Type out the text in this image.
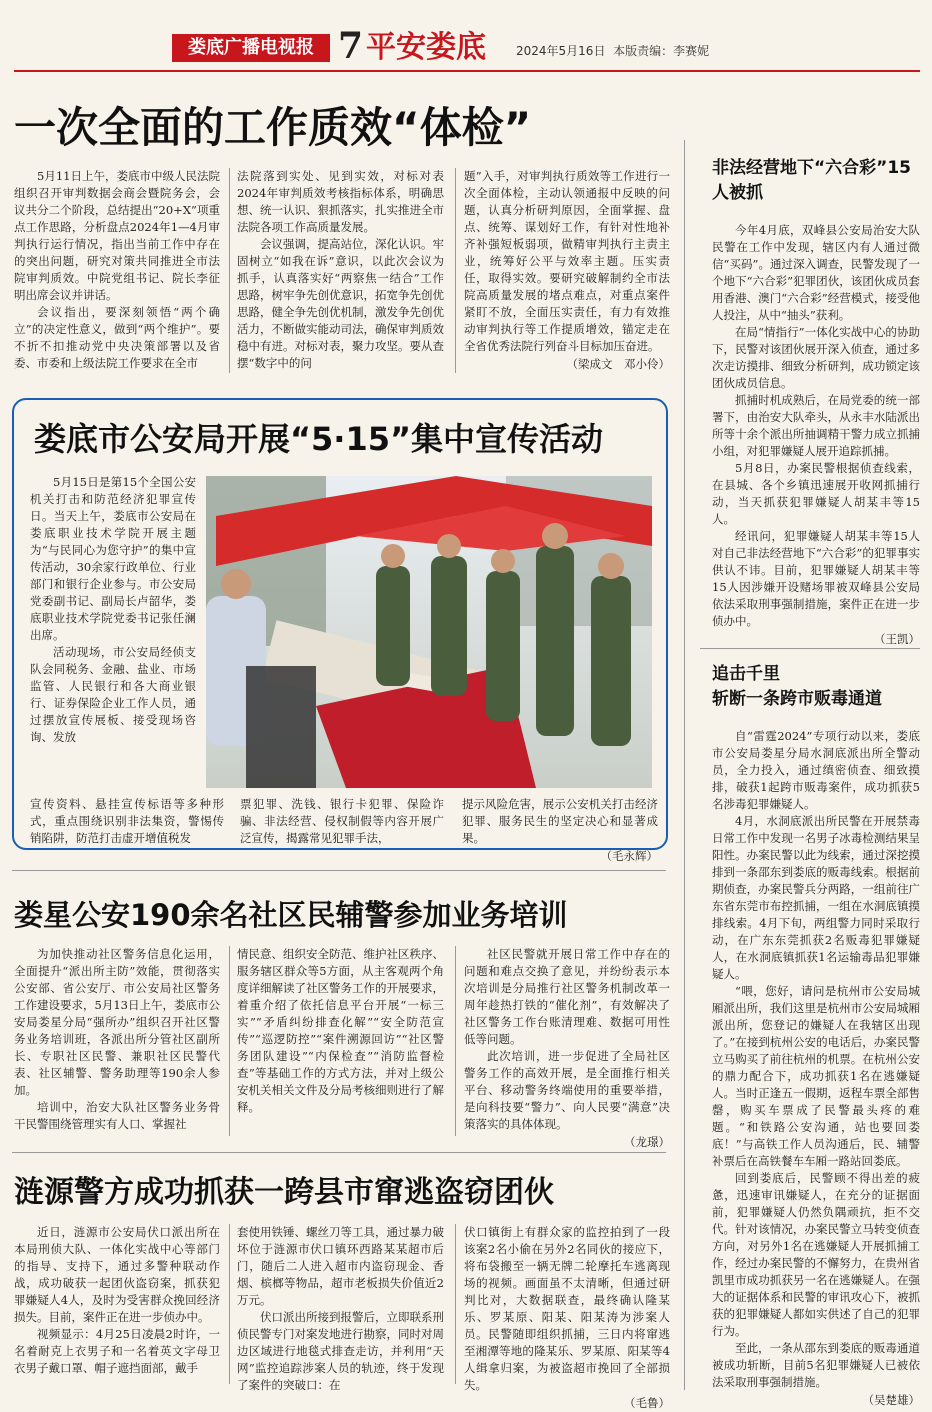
娄底广播电视报 7 平安娄底	2024年5月16日 本版责编：李赛妮
一次全面的工作质效“体检”

5月11日上午，娄底市中级人民法院组织召开审判数据会商会暨院务会，会议共分二个阶段，总结提出“20+X”项重点工作思路，分析盘点2024年1—4月审判执行运行情况，指出当前工作中存在的突出问题，研究对策共同推进全市法院审判质效。中院党组书记、院长李征明出席会议并讲话。

会议指出，要深刻领悟“两个确立”的决定性意义，做到“两个维护”。要不折不扣推动党中央决策部署以及省委、市委和上级法院工作要求在全市

法院落到实处、见到实效，对标对表2024年审判质效考核指标体系，明确思想、统一认识、狠抓落实，扎实推进全市法院各项工作高质量发展。

会议强调，提高站位，深化认识。牢固树立“如我在诉”意识，以此次会议为抓手，认真落实好“两察焦一结合”工作思路，树牢争先创优意识，拓宽争先创优思路，健全争先创优机制，激发争先创优活力，不断做实能动司法，确保审判质效稳中有进。对标对表，聚力攻坚。要从查摆“数字中的问

题”入手，对审判执行质效等工作进行一次全面体检，主动认领通报中反映的问题，认真分析研判原因，全面掌握、盘点、统筹、谋划好工作，有针对性地补齐补强短板弱项，做精审判执行主责主业，统筹好公平与效率主题。压实责任，取得实效。要研究破解制约全市法院高质量发展的堵点难点，对重点案件紧盯不放，全面压实责任，有力有效推动审判执行等工作提质增效，锚定走在全省优秀法院行列奋斗目标加压奋进。

（梁成文　邓小伶）
娄底市公安局开展“5·15”集中宣传活动

5月15日是第15个全国公安机关打击和防范经济犯罪宣传日。当天上午，娄底市公安局在娄底职业技术学院开展主题为“与民同心为您守护”的集中宣传活动，30余家行政单位、行业部门和银行企业参与。市公安局党委副书记、副局长卢韶华，娄底职业技术学院党委书记张任澜出席。

活动现场，市公安局经侦支队会同税务、金融、盐业、市场监管、人民银行和各大商业银行、证券保险企业工作人员，通过摆放宣传展板、接受现场咨询、发放

宣传资料、悬挂宣传标语等多种形式，重点围绕识别非法集资，警惕传销陷阱，防范打击虚开增值税发
票犯罪、洗钱、银行卡犯罪、保险诈骗、非法经营、侵权制假等内容开展广泛宣传，揭露常见犯罪手法，
提示风险危害，展示公安机关打击经济犯罪、服务民生的坚定决心和显著成果。
（毛永辉）
娄星公安190余名社区民辅警参加业务培训

为加快推动社区警务信息化运用，全面提升“派出所主防”效能，贯彻落实公安部、省公安厅、市公安局社区警务工作建设要求，5月13日上午，娄底市公安局娄星分局“强所办”组织召开社区警务业务培训班，各派出所分管社区副所长、专职社区民警、兼职社区民警代表、社区辅警、警务助理等190余人参加。

培训中，治安大队社区警务业务骨干民警围绕管理实有人口、掌握社

情民意、组织安全防范、维护社区秩序、服务辖区群众等5方面，从主客观两个角度详细解读了社区警务工作的开展要求，着重介绍了依托信息平台开展“一标三实”“矛盾纠纷排查化解”“安全防范宣传”“巡逻防控”“案件溯源回访”“社区警务团队建设”“内保检查”“消防监督检查”等基础工作的方式方法，并对上级公安机关相关文件及分局考核细则进行了解释。

社区民警就开展日常工作中存在的问题和难点交换了意见，并纷纷表示本次培训是分局推行社区警务机制改革一周年趁热打铁的“催化剂”，有效解决了社区警务工作台账清理难、数据可用性低等问题。

此次培训，进一步促进了全局社区警务工作的高效开展，是全面推行相关平台、移动警务终端使用的重要举措，是向科技要“警力”、向人民要“满意”决策落实的具体体现。

（龙璟）
涟源警方成功抓获一跨县市窜逃盗窃团伙

近日，涟源市公安局伏口派出所在本局刑侦大队、一体化实战中心等部门的指导、支持下，通过多警种联动作战，成功破获一起团伙盗窃案，抓获犯罪嫌疑人4人，及时为受害群众挽回经济损失。目前，案件正在进一步侦办中。

视频显示：4月25日凌晨2时许，一名着耐克上衣男子和一名着英文字母卫衣男子戴口罩、帽子遮挡面部，戴手

套使用铁锤、螺丝刀等工具，通过暴力破坏位于涟源市伏口镇环西路某某超市后门，随后二人进入超市内盗窃现金、香烟、槟榔等物品，超市老板损失价值近2万元。

伏口派出所接到报警后，立即联系刑侦民警专门对案发地进行勘察，同时对周边区域进行地毯式排查走访，并利用“天网”监控追踪涉案人员的轨迹，终于发现了案件的突破口：在

伏口镇街上有群众家的监控拍到了一段该案2名小偷在另外2名同伙的接应下，将布袋搬至一辆无牌二轮摩托车逃离现场的视频。画面虽不太清晰，但通过研判比对，大数据联查，最终确认隆某乐、罗某原、阳某、阳某涛为涉案人员。民警随即组织抓捕，三日内将窜逃至湘潭等地的隆某乐、罗某原、阳某等4人缉拿归案，为被盗超市挽回了全部损失。

（毛鲁）
非法经营地下“六合彩”15人被抓

今年4月底，双峰县公安局治安大队民警在工作中发现，辖区内有人通过微信“买码”。通过深入调查，民警发现了一个地下“六合彩”犯罪团伙，该团伙成员套用香港、澳门“六合彩”经营模式，接受他人投注，从中“抽头”获利。

在局“情指行”一体化实战中心的协助下，民警对该团伙展开深入侦查，通过多次走访摸排、细致分析研判，成功锁定该团伙成员信息。

抓捕时机成熟后，在局党委的统一部署下，由治安大队牵头，从永丰水陆派出所等十余个派出所抽调精干警力成立抓捕小组，对犯罪嫌疑人展开追踪抓捕。

5月8日，办案民警根据侦查线索，在县城、各个乡镇迅速展开收网抓捕行动，当天抓获犯罪嫌疑人胡某丰等15人。

经讯问，犯罪嫌疑人胡某丰等15人对自己非法经营地下“六合彩”的犯罪事实供认不讳。目前，犯罪嫌疑人胡某丰等15人因涉嫌开设赌场罪被双峰县公安局依法采取刑事强制措施，案件正在进一步侦办中。

（王凯）
追击千里
斩断一条跨市贩毒通道

自“雷霆2024”专项行动以来，娄底市公安局娄星分局水洞底派出所全警动员，全力投入，通过缜密侦查、细致摸排，破获1起跨市贩毒案件，成功抓获5名涉毒犯罪嫌疑人。

4月，水洞底派出所民警在开展禁毒日常工作中发现一名男子冰毒检测结果呈阳性。办案民警以此为线索，通过深挖摸排到一条邵东到娄底的贩毒线索。根据前期侦查，办案民警兵分两路，一组前往广东省东莞市布控抓捕，一组在水洞底镇摸排线索。4月下旬，两组警力同时采取行动，在广东东莞抓获2名贩毒犯罪嫌疑人，在水洞底镇抓获1名运输毒品犯罪嫌疑人。

“喂，您好，请问是杭州市公安局城厢派出所，我们这里是杭州市公安局城厢派出所，您登记的嫌疑人在我辖区出现了。”在接到杭州公安的电话后，办案民警立马购买了前往杭州的机票。在杭州公安的鼎力配合下，成功抓获1名在逃嫌疑人。当时正逢五一假期，返程车票全部售罄，购买车票成了民警最头疼的难题。“和铁路公安沟通，站也要回娄底！”与高铁工作人员沟通后，民、辅警补票后在高铁餐车车厢一路站回娄底。

回到娄底后，民警顾不得出差的疲惫，迅速审讯嫌疑人，在充分的证据面前，犯罪嫌疑人仍然负隅顽抗，拒不交代。针对该情况，办案民警立马转变侦查方向，对另外1名在逃嫌疑人开展抓捕工作，经过办案民警的不懈努力，在贵州省凯里市成功抓获另一名在逃嫌疑人。在强大的证据体系和民警的审讯攻心下，被抓获的犯罪嫌疑人都如实供述了自己的犯罪行为。

至此，一条从邵东到娄底的贩毒通道被成功斩断，目前5名犯罪嫌疑人已被依法采取刑事强制措施。

（吴楚雄）
